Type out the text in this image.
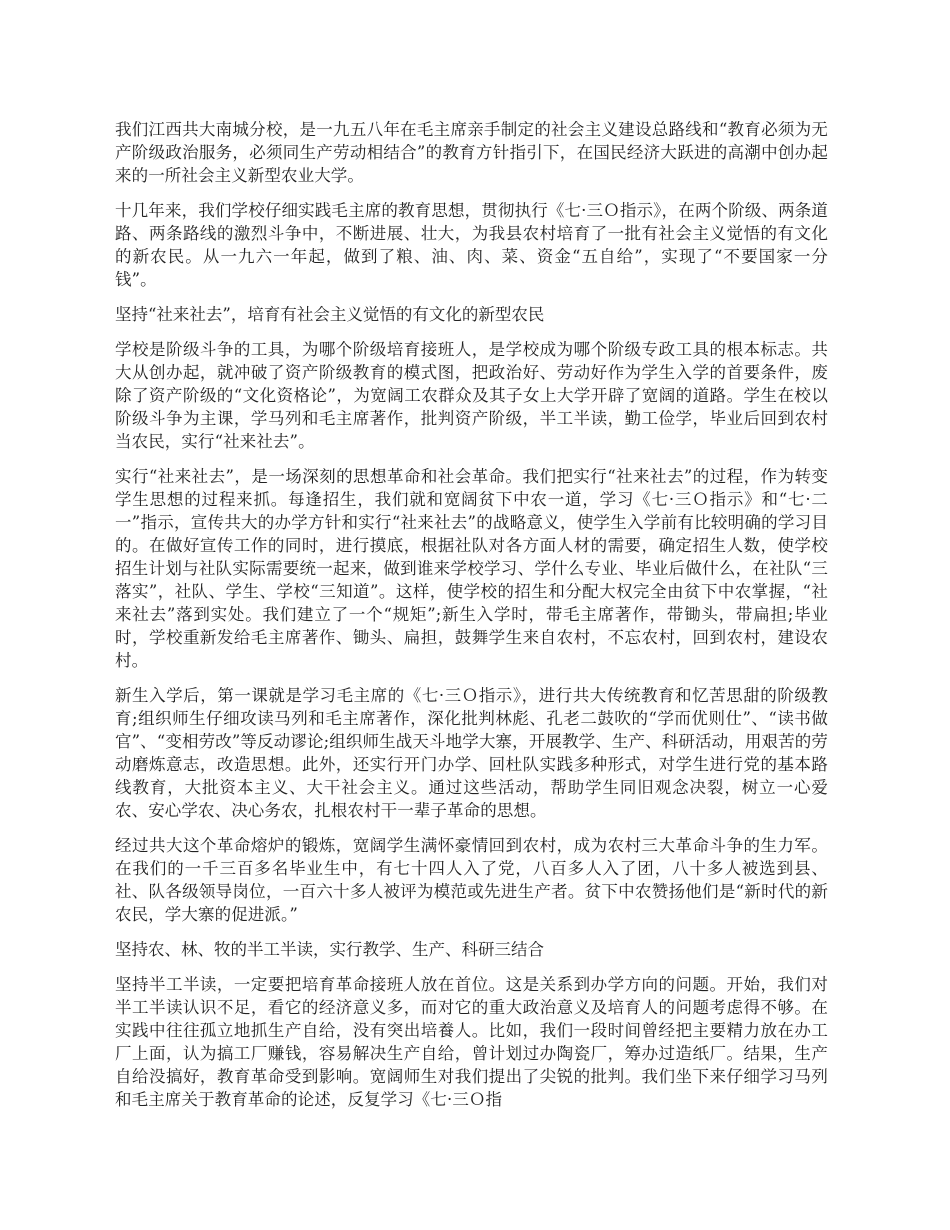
我们江西共大南城分校，是一九五八年在毛主席亲手制定的社会主义建设总路线和“教育必须为无产阶级政治服务，必须同生产劳动相结合”的教育方针指引下，在国民经济大跃进的高潮中创办起来的一所社会主义新型农业大学。

十几年来，我们学校仔细实践毛主席的教育思想，贯彻执行《七·三Ｏ指示》，在两个阶级、两条道路、两条路线的激烈斗争中，不断进展、壮大，为我县农村培育了一批有社会主义觉悟的有文化的新农民。从一九六一年起，做到了粮、油、肉、菜、资金“五自给”，实现了“不要国家一分钱”。

坚持“社来社去”，培育有社会主义觉悟的有文化的新型农民

学校是阶级斗争的工具，为哪个阶级培育接班人，是学校成为哪个阶级专政工具的根本标志。共大从创办起，就冲破了资产阶级教育的模式图，把政治好、劳动好作为学生入学的首要条件，废除了资产阶级的“文化资格论”，为宽阔工农群众及其子女上大学开辟了宽阔的道路。学生在校以阶级斗争为主课，学马列和毛主席著作，批判资产阶级，半工半读，勤工俭学，毕业后回到农村当农民，实行“社来社去”。

实行“社来社去”，是一场深刻的思想革命和社会革命。我们把实行“社来社去”的过程，作为转变学生思想的过程来抓。每逢招生，我们就和宽阔贫下中农一道，学习《七·三Ｏ指示》和“七·二一”指示，宣传共大的办学方针和实行“社来社去”的战略意义，使学生入学前有比较明确的学习目的。在做好宣传工作的同时，进行摸底，根据社队对各方面人材的需要，确定招生人数，使学校招生计划与社队实际需要统一起来，做到谁来学校学习、学什么专业、毕业后做什么，在社队“三落实”，社队、学生、学校“三知道”。这样，使学校的招生和分配大权完全由贫下中农掌握，“社来社去”落到实处。我们建立了一个“规矩”;新生入学时，带毛主席著作，带锄头，带扁担;毕业时，学校重新发给毛主席著作、锄头、扁担，鼓舞学生来自农村，不忘农村，回到农村，建设农村。

新生入学后，第一课就是学习毛主席的《七·三Ｏ指示》，进行共大传统教育和忆苦思甜的阶级教育;组织师生仔细攻读马列和毛主席著作，深化批判林彪、孔老二鼓吹的“学而优则仕”、“读书做官”、“变相劳改”等反动谬论;组织师生战天斗地学大寨，开展教学、生产、科研活动，用艰苦的劳动磨炼意志，改造思想。此外，还实行开门办学、回杜队实践多种形式，对学生进行党的基本路线教育，大批资本主义、大干社会主义。通过这些活动，帮助学生同旧观念决裂，树立一心爱农、安心学农、决心务农，扎根农村干一辈子革命的思想。

经过共大这个革命熔炉的锻炼，宽阔学生满怀豪情回到农村，成为农村三大革命斗争的生力军。在我们的一千三百多名毕业生中，有七十四人入了党，八百多人入了团，八十多人被选到县、社、队各级领导岗位，一百六十多人被评为模范或先进生产者。贫下中农赞扬他们是“新时代的新农民，学大寨的促进派。”

坚持农、林、牧的半工半读，实行教学、生产、科研三结合

坚持半工半读，一定要把培育革命接班人放在首位。这是关系到办学方向的问题。开始，我们对半工半读认识不足，看它的经济意义多，而对它的重大政治意义及培育人的问题考虑得不够。在实践中往往孤立地抓生产自给，没有突出培養人。比如，我们一段时间曾经把主要精力放在办工厂上面，认为搞工厂赚钱，容易解决生产自给，曾计划过办陶瓷厂，筹办过造纸厂。结果，生产自给没搞好，教育革命受到影响。宽阔师生对我们提出了尖锐的批判。我们坐下来仔细学习马列和毛主席关于教育革命的论述，反复学习《七·三Ｏ指
